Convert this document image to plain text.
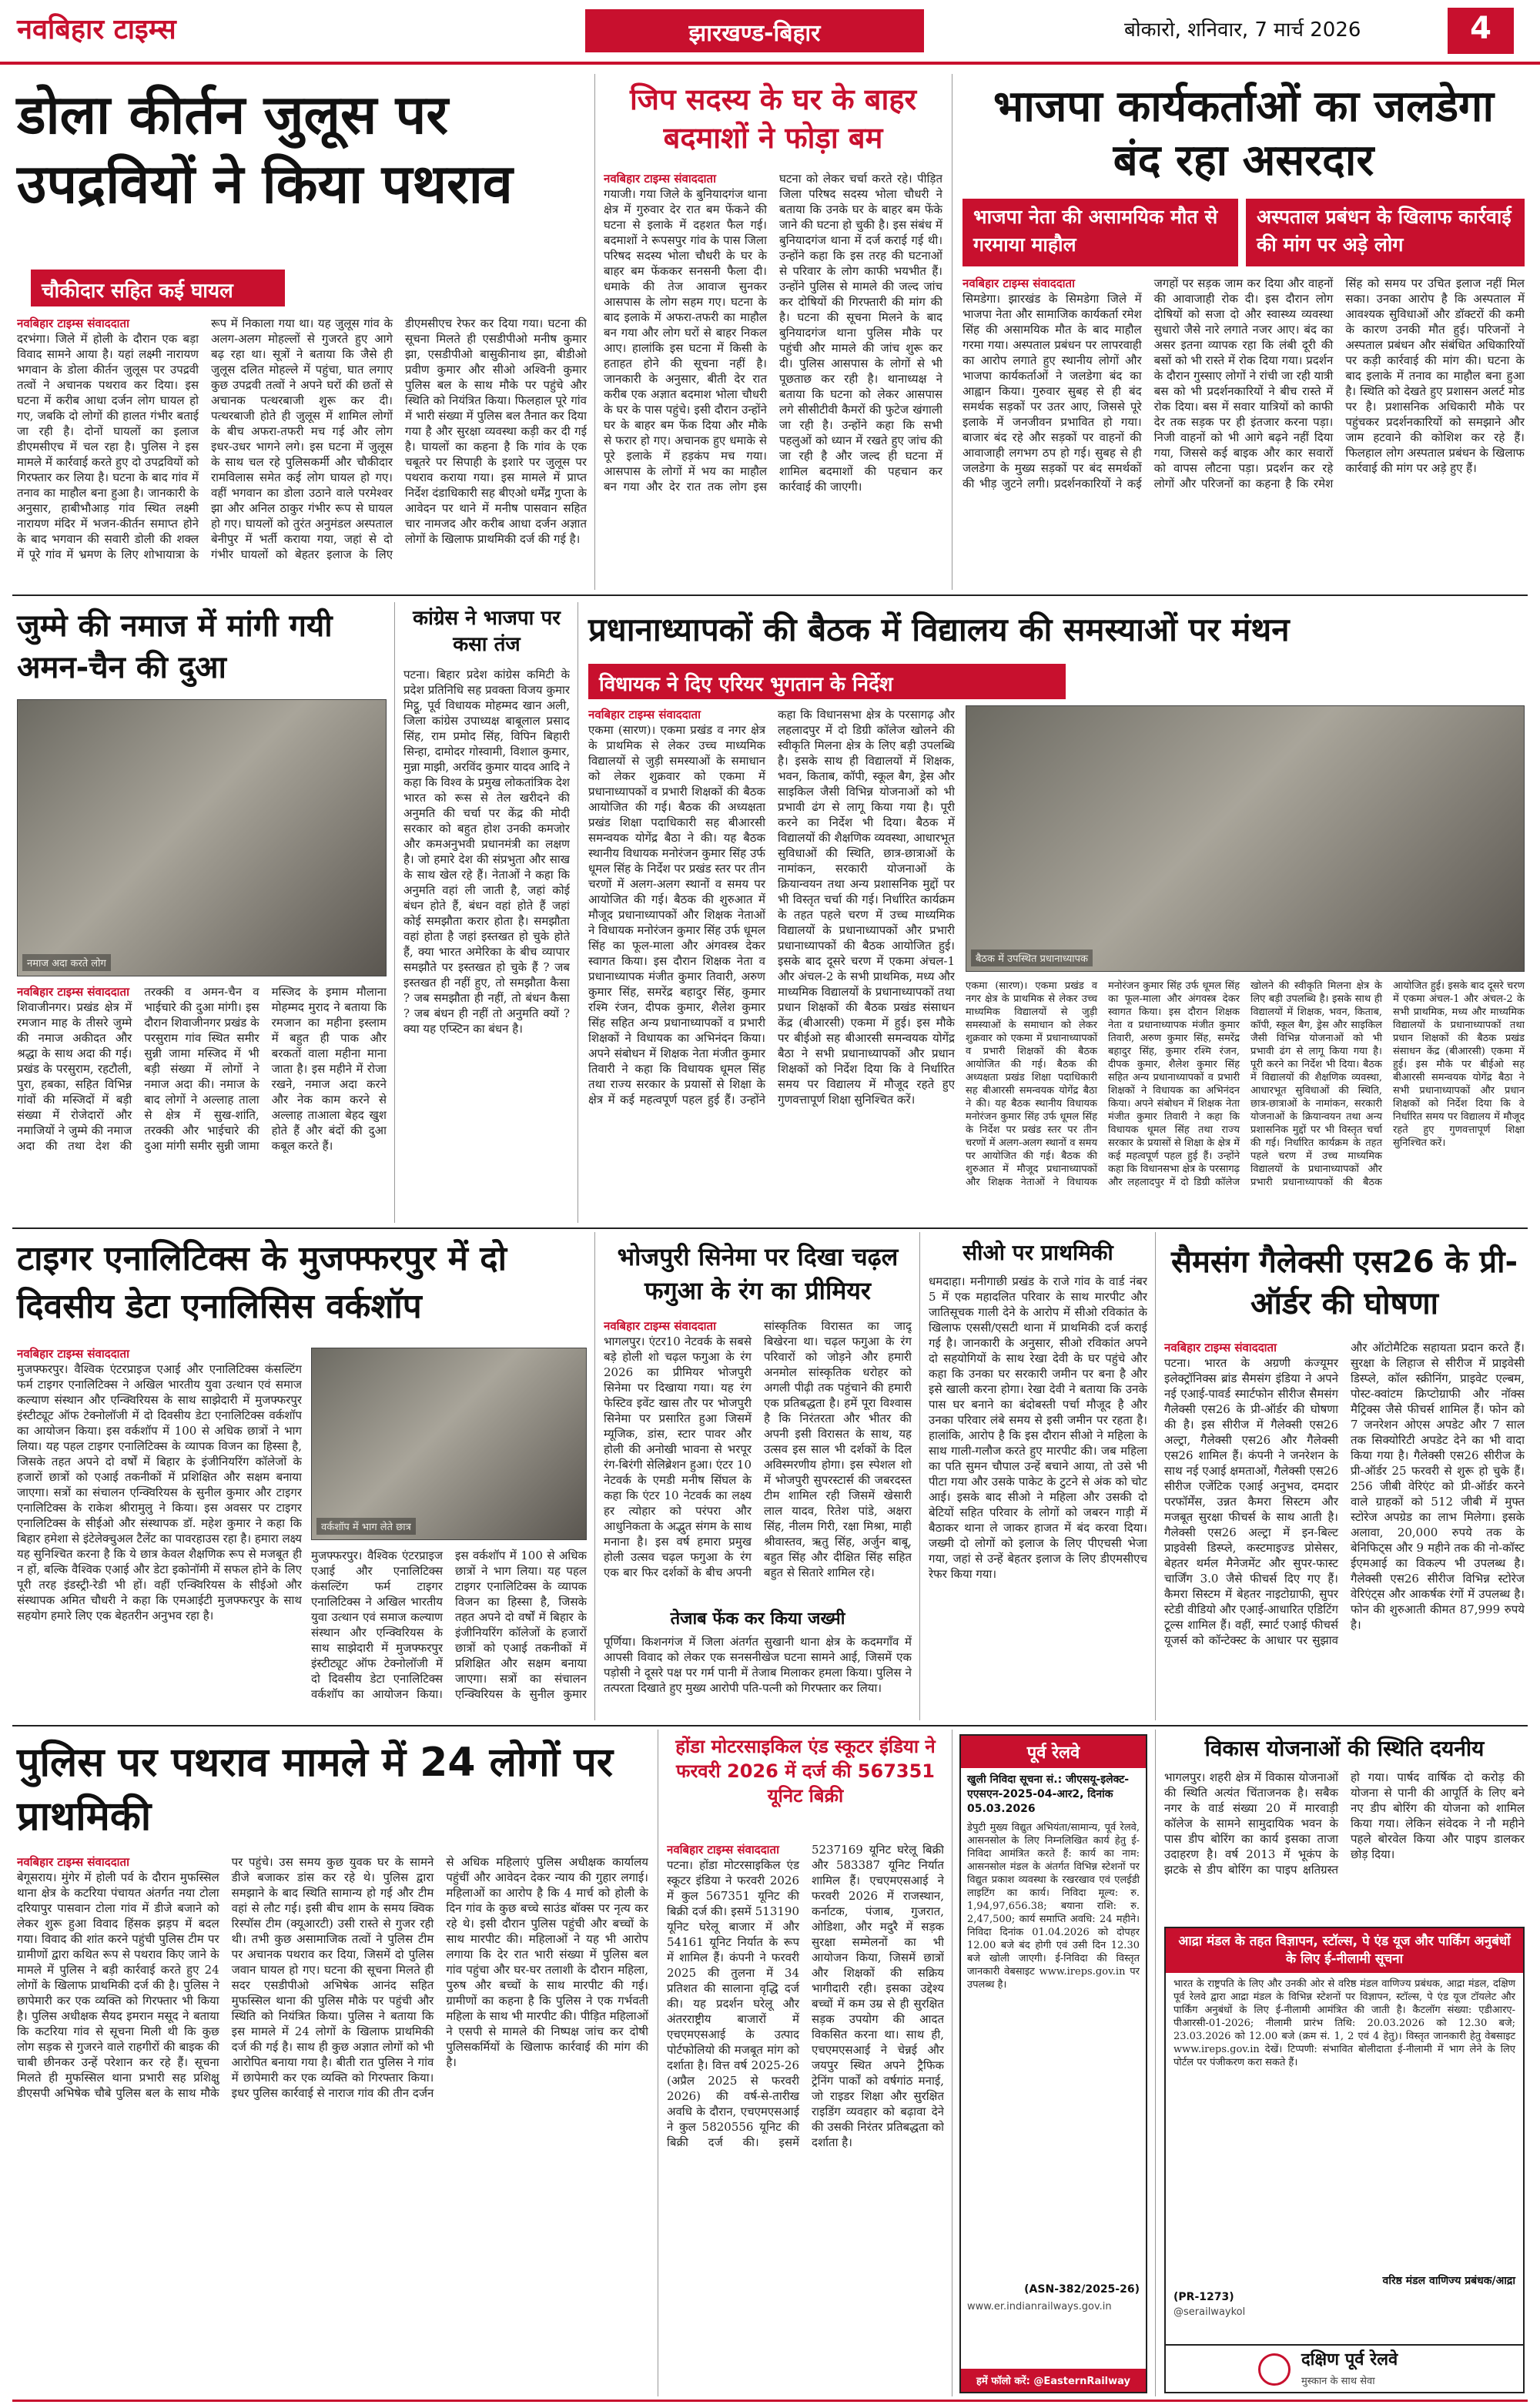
नवबिहार टाइम्स	झारखण्ड-बिहार	बोकारो, शनिवार, 7 मार्च 2026	4
डोला कीर्तन जुलूस पर उपद्रवियों ने किया पथराव
चौकीदार सहित कई घायल
नवबिहार टाइम्स संवाददाता
दरभंगा। जिले में होली के दौरान एक बड़ा विवाद सामने आया है। यहां लक्ष्मी नारायण भगवान के डोला कीर्तन जुलूस पर उपद्रवी तत्वों ने अचानक पथराव कर दिया। इस घटना में करीब आधा दर्जन लोग घायल हो गए, जबकि दो लोगों की हालत गंभीर बताई जा रही है। दोनों घायलों का इलाज डीएमसीएच में चल रहा है। पुलिस ने इस मामले में कार्रवाई करते हुए दो उपद्रवियों को गिरफ्तार कर लिया है। घटना के बाद गांव में तनाव का माहौल बना हुआ है। जानकारी के अनुसार, हाबीभौआड़ गांव स्थित लक्ष्मी नारायण मंदिर में भजन-कीर्तन समाप्त होने के बाद भगवान की सवारी डोली की शक्ल में पूरे गांव में भ्रमण के लिए शोभायात्रा के रूप में निकाला गया था। यह जुलूस गांव के अलग-अलग मोहल्लों से गुजरते हुए आगे बढ़ रहा था। सूत्रों ने बताया कि जैसे ही जुलूस दलित मोहल्ले में पहुंचा, घात लगाए कुछ उपद्रवी तत्वों ने अपने घरों की छतों से अचानक पत्थरबाजी शुरू कर दी। पत्थरबाजी होते ही जुलूस में शामिल लोगों के बीच अफरा-तफरी मच गई और लोग इधर-उधर भागने लगे। इस घटना में जुलूस के साथ चल रहे पुलिसकर्मी और चौकीदार रामविलास समेत कई लोग घायल हो गए। वहीं भगवान का डोला उठाने वाले परमेश्वर झा और अनिल ठाकुर गंभीर रूप से घायल हो गए। घायलों को तुरंत अनुमंडल अस्पताल बेनीपुर में भर्ती कराया गया, जहां से दो गंभीर घायलों को बेहतर इलाज के लिए डीएमसीएच रेफर कर दिया गया। घटना की सूचना मिलते ही एसडीपीओ मनीष कुमार झा, एसडीपीओ बासुकीनाथ झा, बीडीओ प्रवीण कुमार और सीओ अश्विनी कुमार पुलिस बल के साथ मौके पर पहुंचे और स्थिति को नियंत्रित किया। फिलहाल पूरे गांव में भारी संख्या में पुलिस बल तैनात कर दिया गया है और सुरक्षा व्यवस्था कड़ी कर दी गई है। घायलों का कहना है कि गांव के एक चबूतरे पर सिपाही के इशारे पर जुलूस पर पथराव कराया गया। इस मामले में प्राप्त निर्देश दंडाधिकारी सह बीएओ धर्मेंद्र गुप्ता के आवेदन पर थाने में मनीष पासवान सहित चार नामजद और करीब आधा दर्जन अज्ञात लोगों के खिलाफ प्राथमिकी दर्ज की गई है।
जिप सदस्य के घर के बाहर बदमाशों ने फोड़ा बम
नवबिहार टाइम्स संवाददाता
गयाजी। गया जिले के बुनियादगंज थाना क्षेत्र में गुरुवार देर रात बम फेंकने की घटना से इलाके में दहशत फैल गई। बदमाशों ने रूपसपुर गांव के पास जिला परिषद सदस्य भोला चौधरी के घर के बाहर बम फेंककर सनसनी फैला दी। धमाके की तेज आवाज सुनकर आसपास के लोग सहम गए। घटना के बाद इलाके में अफरा-तफरी का माहौल बन गया और लोग घरों से बाहर निकल आए। हालांकि इस घटना में किसी के हताहत होने की सूचना नहीं है। जानकारी के अनुसार, बीती देर रात करीब एक अज्ञात बदमाश भोला चौधरी के घर के पास पहुंचे। इसी दौरान उन्होंने घर के बाहर बम फेंक दिया और मौके से फरार हो गए। अचानक हुए धमाके से पूरे इलाके में हड़कंप मच गया। आसपास के लोगों में भय का माहौल बन गया और देर रात तक लोग इस घटना को लेकर चर्चा करते रहे। पीड़ित जिला परिषद सदस्य भोला चौधरी ने बताया कि उनके घर के बाहर बम फेंके जाने की घटना हो चुकी है। इस संबंध में बुनियादगंज थाना में दर्ज कराई गई थी। उन्होंने कहा कि इस तरह की घटनाओं से परिवार के लोग काफी भयभीत हैं। उन्होंने पुलिस से मामले की जल्द जांच कर दोषियों की गिरफ्तारी की मांग की है। घटना की सूचना मिलने के बाद बुनियादगंज थाना पुलिस मौके पर पहुंची और मामले की जांच शुरू कर दी। पुलिस आसपास के लोगों से भी पूछताछ कर रही है। थानाध्यक्ष ने बताया कि घटना को लेकर आसपास लगे सीसीटीवी कैमरों की फुटेज खंगाली जा रही है। उन्होंने कहा कि सभी पहलुओं को ध्यान में रखते हुए जांच की जा रही है और जल्द ही घटना में शामिल बदमाशों की पहचान कर कार्रवाई की जाएगी।
भाजपा कार्यकर्ताओं का जलडेगा बंद रहा असरदार
भाजपा नेता की असामयिक मौत से गरमाया माहौल
अस्पताल प्रबंधन के खिलाफ कार्रवाई की मांग पर अड़े लोग
नवबिहार टाइम्स संवाददाता
सिमडेगा। झारखंड के सिमडेगा जिले में भाजपा नेता और सामाजिक कार्यकर्ता रमेश सिंह की असामयिक मौत के बाद माहौल गरमा गया। अस्पताल प्रबंधन पर लापरवाही का आरोप लगाते हुए स्थानीय लोगों और भाजपा कार्यकर्ताओं ने जलडेगा बंद का आह्वान किया। गुरुवार सुबह से ही बंद समर्थक सड़कों पर उतर आए, जिससे पूरे इलाके में जनजीवन प्रभावित हो गया। बाजार बंद रहे और सड़कों पर वाहनों की आवाजाही लगभग ठप हो गई। सुबह से ही जलडेगा के मुख्य सड़कों पर बंद समर्थकों की भीड़ जुटने लगी। प्रदर्शनकारियों ने कई जगहों पर सड़क जाम कर दिया और वाहनों की आवाजाही रोक दी। इस दौरान लोग दोषियों को सजा दो और स्वास्थ्य व्यवस्था सुधारो जैसे नारे लगाते नजर आए। बंद का असर इतना व्यापक रहा कि लंबी दूरी की बसों को भी रास्ते में रोक दिया गया। प्रदर्शन के दौरान गुस्साए लोगों ने रांची जा रही यात्री बस को भी प्रदर्शनकारियों ने बीच रास्ते में रोक दिया। बस में सवार यात्रियों को काफी देर तक सड़क पर ही इंतजार करना पड़ा। निजी वाहनों को भी आगे बढ़ने नहीं दिया गया, जिससे कई बाइक और कार सवारों को वापस लौटना पड़ा। प्रदर्शन कर रहे लोगों और परिजनों का कहना है कि रमेश सिंह को समय पर उचित इलाज नहीं मिल सका। उनका आरोप है कि अस्पताल में आवश्यक सुविधाओं और डॉक्टरों की कमी के कारण उनकी मौत हुई। परिजनों ने अस्पताल प्रबंधन और संबंधित अधिकारियों पर कड़ी कार्रवाई की मांग की। घटना के बाद इलाके में तनाव का माहौल बना हुआ है। स्थिति को देखते हुए प्रशासन अलर्ट मोड पर है। प्रशासनिक अधिकारी मौके पर पहुंचकर प्रदर्शनकारियों को समझाने और जाम हटवाने की कोशिश कर रहे हैं। फिलहाल लोग अस्पताल प्रबंधन के खिलाफ कार्रवाई की मांग पर अड़े हुए हैं।
जुम्मे की नमाज में मांगी गयी अमन-चैन की दुआ
नमाज अदा करते लोग
नवबिहार टाइम्स संवाददाता
शिवाजीनगर। प्रखंड क्षेत्र में रमजान माह के तीसरे जुम्मे की नमाज अकीदत और श्रद्धा के साथ अदा की गई। प्रखंड के परसुराम, रहटौली, पुरा, हबका, सहित विभिन्न गांवों की मस्जिदों में बड़ी संख्या में रोजेदारों और नमाजियों ने जुम्मे की नमाज अदा की तथा देश की तरक्की व अमन-चैन व भाईचारे की दुआ मांगी। इस दौरान शिवाजीनगर प्रखंड के परसुराम गांव स्थित समीर सुन्नी जामा मस्जिद में भी बड़ी संख्या में लोगों ने नमाज अदा की। नमाज के बाद लोगों ने अल्लाह ताला से क्षेत्र में सुख-शांति, तरक्की और भाईचारे की दुआ मांगी समीर सुन्नी जामा मस्जिद के इमाम मौलाना मोहम्मद मुराद ने बताया कि रमजान का महीना इस्लाम में बहुत ही पाक और बरकतों वाला महीना माना जाता है। इस महीने में रोजा रखने, नमाज अदा करने और नेक काम करने से अल्लाह ताआला बेहद खुश होते हैं और बंदों की दुआ कबूल करते हैं।
कांग्रेस ने भाजपा पर कसा तंज
पटना। बिहार प्रदेश कांग्रेस कमिटी के प्रदेश प्रतिनिधि सह प्रवक्ता विजय कुमार मिट्ठू, पूर्व विधायक मोहम्मद खान अली, जिला कांग्रेस उपाध्यक्ष बाबूलाल प्रसाद सिंह, राम प्रमोद सिंह, विपिन बिहारी सिन्हा, दामोदर गोस्वामी, विशाल कुमार, मुन्ना माझी, अरविंद कुमार यादव आदि ने कहा कि विश्व के प्रमुख लोकतांत्रिक देश भारत को रूस से तेल खरीदने की अनुमति की चर्चा पर केंद्र की मोदी सरकार को बहुत होश उनकी कमजोर और कमअनुभवी प्रधानमंत्री का लक्षण है। जो हमारे देश की संप्रभुता और साख के साथ खेल रहे हैं। नेताओं ने कहा कि अनुमति वहां ली जाती है, जहां कोई बंधन होते हैं, बंधन वहां होते हैं जहां कोई समझौता करार होता है। समझौता वहां होता है जहां इस्तखत हो चुके होते हैं, क्या भारत अमेरिका के बीच व्यापार समझौते पर इस्तखत हो चुके हैं ? जब इस्तखत ही नहीं हुए, तो समझौता कैसा ? जब समझौता ही नहीं, तो बंधन कैसा ? जब बंधन ही नहीं तो अनुमति क्यों ? क्या यह एप्स्टिन का बंधन है।
प्रधानाध्यापकों की बैठक में विद्यालय की समस्याओं पर मंथन
विधायक ने दिए एरियर भुगतान के निर्देश
बैठक में उपस्थित प्रधानाध्यापक
नवबिहार टाइम्स संवाददाता
एकमा (सारण)। एकमा प्रखंड व नगर क्षेत्र के प्राथमिक से लेकर उच्च माध्यमिक विद्यालयों से जुड़ी समस्याओं के समाधान को लेकर शुक्रवार को एकमा में प्रधानाध्यापकों व प्रभारी शिक्षकों की बैठक आयोजित की गई। बैठक की अध्यक्षता प्रखंड शिक्षा पदाधिकारी सह बीआरसी समन्वयक योगेंद्र बैठा ने की। यह बैठक स्थानीय विधायक मनोरंजन कुमार सिंह उर्फ धूमल सिंह के निर्देश पर प्रखंड स्तर पर तीन चरणों में अलग-अलग स्थानों व समय पर आयोजित की गई। बैठक की शुरुआत में मौजूद प्रधानाध्यापकों और शिक्षक नेताओं ने विधायक मनोरंजन कुमार सिंह उर्फ धूमल सिंह का फूल-माला और अंगवस्त्र देकर स्वागत किया। इस दौरान शिक्षक नेता व प्रधानाध्यापक मंजीत कुमार तिवारी, अरुण कुमार सिंह, समरेंद्र बहादुर सिंह, कुमार रश्मि रंजन, दीपक कुमार, शैलेश कुमार सिंह सहित अन्य प्रधानाध्यापकों व प्रभारी शिक्षकों ने विधायक का अभिनंदन किया। अपने संबोधन में शिक्षक नेता मंजीत कुमार तिवारी ने कहा कि विधायक धूमल सिंह तथा राज्य सरकार के प्रयासों से शिक्षा के क्षेत्र में कई महत्वपूर्ण पहल हुई हैं। उन्होंने कहा कि विधानसभा क्षेत्र के परसागढ़ और लहलादपुर में दो डिग्री कॉलेज खोलने की स्वीकृति मिलना क्षेत्र के लिए बड़ी उपलब्धि है। इसके साथ ही विद्यालयों में शिक्षक, भवन, किताब, कॉपी, स्कूल बैग, ड्रेस और साइकिल जैसी विभिन्न योजनाओं को भी प्रभावी ढंग से लागू किया गया है। पूरी करने का निर्देश भी दिया। बैठक में विद्यालयों की शैक्षणिक व्यवस्था, आधारभूत सुविधाओं की स्थिति, छात्र-छात्राओं के नामांकन, सरकारी योजनाओं के क्रियान्वयन तथा अन्य प्रशासनिक मुद्दों पर भी विस्तृत चर्चा की गई। निर्धारित कार्यक्रम के तहत पहले चरण में उच्च माध्यमिक विद्यालयों के प्रधानाध्यापकों और प्रभारी प्रधानाध्यापकों की बैठक आयोजित हुई। इसके बाद दूसरे चरण में एकमा अंचल-1 और अंचल-2 के सभी प्राथमिक, मध्य और माध्यमिक विद्यालयों के प्रधानाध्यापकों तथा प्रधान शिक्षकों की बैठक प्रखंड संसाधन केंद्र (बीआरसी) एकमा में हुई। इस मौके पर बीईओ सह बीआरसी समन्वयक योगेंद्र बैठा ने सभी प्रधानाध्यापकों और प्रधान शिक्षकों को निर्देश दिया कि वे निर्धारित समय पर विद्यालय में मौजूद रहते हुए गुणवत्तापूर्ण शिक्षा सुनिश्चित करें।
एकमा (सारण)। एकमा प्रखंड व नगर क्षेत्र के प्राथमिक से लेकर उच्च माध्यमिक विद्यालयों से जुड़ी समस्याओं के समाधान को लेकर शुक्रवार को एकमा में प्रधानाध्यापकों व प्रभारी शिक्षकों की बैठक आयोजित की गई। बैठक की अध्यक्षता प्रखंड शिक्षा पदाधिकारी सह बीआरसी समन्वयक योगेंद्र बैठा ने की। यह बैठक स्थानीय विधायक मनोरंजन कुमार सिंह उर्फ धूमल सिंह के निर्देश पर प्रखंड स्तर पर तीन चरणों में अलग-अलग स्थानों व समय पर आयोजित की गई। बैठक की शुरुआत में मौजूद प्रधानाध्यापकों और शिक्षक नेताओं ने विधायक मनोरंजन कुमार सिंह उर्फ धूमल सिंह का फूल-माला और अंगवस्त्र देकर स्वागत किया। इस दौरान शिक्षक नेता व प्रधानाध्यापक मंजीत कुमार तिवारी, अरुण कुमार सिंह, समरेंद्र बहादुर सिंह, कुमार रश्मि रंजन, दीपक कुमार, शैलेश कुमार सिंह सहित अन्य प्रधानाध्यापकों व प्रभारी शिक्षकों ने विधायक का अभिनंदन किया। अपने संबोधन में शिक्षक नेता मंजीत कुमार तिवारी ने कहा कि विधायक धूमल सिंह तथा राज्य सरकार के प्रयासों से शिक्षा के क्षेत्र में कई महत्वपूर्ण पहल हुई हैं। उन्होंने कहा कि विधानसभा क्षेत्र के परसागढ़ और लहलादपुर में दो डिग्री कॉलेज खोलने की स्वीकृति मिलना क्षेत्र के लिए बड़ी उपलब्धि है। इसके साथ ही विद्यालयों में शिक्षक, भवन, किताब, कॉपी, स्कूल बैग, ड्रेस और साइकिल जैसी विभिन्न योजनाओं को भी प्रभावी ढंग से लागू किया गया है। पूरी करने का निर्देश भी दिया। बैठक में विद्यालयों की शैक्षणिक व्यवस्था, आधारभूत सुविधाओं की स्थिति, छात्र-छात्राओं के नामांकन, सरकारी योजनाओं के क्रियान्वयन तथा अन्य प्रशासनिक मुद्दों पर भी विस्तृत चर्चा की गई। निर्धारित कार्यक्रम के तहत पहले चरण में उच्च माध्यमिक विद्यालयों के प्रधानाध्यापकों और प्रभारी प्रधानाध्यापकों की बैठक आयोजित हुई। इसके बाद दूसरे चरण में एकमा अंचल-1 और अंचल-2 के सभी प्राथमिक, मध्य और माध्यमिक विद्यालयों के प्रधानाध्यापकों तथा प्रधान शिक्षकों की बैठक प्रखंड संसाधन केंद्र (बीआरसी) एकमा में हुई। इस मौके पर बीईओ सह बीआरसी समन्वयक योगेंद्र बैठा ने सभी प्रधानाध्यापकों और प्रधान शिक्षकों को निर्देश दिया कि वे निर्धारित समय पर विद्यालय में मौजूद रहते हुए गुणवत्तापूर्ण शिक्षा सुनिश्चित करें।
टाइगर एनालिटिक्स के मुजफ्फरपुर में दो दिवसीय डेटा एनालिसिस वर्कशॉप
वर्कशॉप में भाग लेते छात्र
नवबिहार टाइम्स संवाददाता
मुजफ्फरपुर। वैश्विक एंटरप्राइज एआई और एनालिटिक्स कंसल्टिंग फर्म टाइगर एनालिटिक्स ने अखिल भारतीय युवा उत्थान एवं समाज कल्याण संस्थान और एन्क्विरियस के साथ साझेदारी में मुजफ्फरपुर इंस्टीट्यूट ऑफ टेक्नोलॉजी में दो दिवसीय डेटा एनालिटिक्स वर्कशॉप का आयोजन किया। इस वर्कशॉप में 100 से अधिक छात्रों ने भाग लिया। यह पहल टाइगर एनालिटिक्स के व्यापक विजन का हिस्सा है, जिसके तहत अपने दो वर्षों में बिहार के इंजीनियरिंग कॉलेजों के हजारों छात्रों को एआई तकनीकों में प्रशिक्षित और सक्षम बनाया जाएगा। सत्रों का संचालन एन्क्विरियस के सुनील कुमार और टाइगर एनालिटिक्स के राकेश श्रीरामुलु ने किया। इस अवसर पर टाइगर एनालिटिक्स के सीईओ और संस्थापक डॉ. महेश कुमार ने कहा कि बिहार हमेशा से इंटेलेक्चुअल टैलेंट का पावरहाउस रहा है। हमारा लक्ष्य यह सुनिश्चित करना है कि ये छात्र केवल शैक्षणिक रूप से मजबूत ही न हों, बल्कि वैश्विक एआई और डेटा इकोनॉमी में सफल होने के लिए पूरी तरह इंडस्ट्री-रेडी भी हों। वहीं एन्क्विरियस के सीईओ और संस्थापक अमित चौधरी ने कहा कि एमआईटी मुजफ्फरपुर के साथ सहयोग हमारे लिए एक बेहतरीन अनुभव रहा है।
मुजफ्फरपुर। वैश्विक एंटरप्राइज एआई और एनालिटिक्स कंसल्टिंग फर्म टाइगर एनालिटिक्स ने अखिल भारतीय युवा उत्थान एवं समाज कल्याण संस्थान और एन्क्विरियस के साथ साझेदारी में मुजफ्फरपुर इंस्टीट्यूट ऑफ टेक्नोलॉजी में दो दिवसीय डेटा एनालिटिक्स वर्कशॉप का आयोजन किया। इस वर्कशॉप में 100 से अधिक छात्रों ने भाग लिया। यह पहल टाइगर एनालिटिक्स के व्यापक विजन का हिस्सा है, जिसके तहत अपने दो वर्षों में बिहार के इंजीनियरिंग कॉलेजों के हजारों छात्रों को एआई तकनीकों में प्रशिक्षित और सक्षम बनाया जाएगा। सत्रों का संचालन एन्क्विरियस के सुनील कुमार
भोजपुरी सिनेमा पर दिखा चढ़ल फगुआ के रंग का प्रीमियर
नवबिहार टाइम्स संवाददाता
भागलपुर। एंटर10 नेटवर्क के सबसे बड़े होली शो चढ़ल फगुआ के रंग 2026 का प्रीमियर भोजपुरी सिनेमा पर दिखाया गया। यह रंग फेस्टिव इवेंट खास तौर पर भोजपुरी सिनेमा पर प्रसारित हुआ जिसमें म्यूजिक, डांस, स्टार पावर और होली की अनोखी भावना से भरपूर रंग-बिरंगी सेलिब्रेशन हुआ। एंटर 10 नेटवर्क के एमडी मनीष सिंघल के कहा कि एंटर 10 नेटवर्क का लक्ष्य हर त्योहार को परंपरा और आधुनिकता के अद्भुत संगम के साथ मनाना है। इस वर्ष हमारा प्रमुख होली उत्सव चढ़ल फगुआ के रंग एक बार फिर दर्शकों के बीच अपनी सांस्कृतिक विरासत का जादू बिखेरना था। चढ़ल फगुआ के रंग परिवारों को जोड़ने और हमारी अनमोल सांस्कृतिक धरोहर को अगली पीढ़ी तक पहुंचाने की हमारी एक प्रतिबद्धता है। हमें पूरा विश्वास है कि निरंतरता और भीतर की अपनी इसी विरासत के साथ, यह उत्सव इस साल भी दर्शकों के दिल अविस्मरणीय होगा। इस स्पेशल शो में भोजपुरी सुपरस्टार्स की जबरदस्त टीम शामिल रही जिसमें खेसारी लाल यादव, रितेश पांडे, अक्षरा सिंह, नीलम गिरी, रक्षा मिश्रा, माही श्रीवास्तव, ऋतु सिंह, अर्जुन बाबू, बहुत सिंह और दीक्षित सिंह सहित बहुत से सितारे शामिल रहे।
तेजाब फेंक कर किया जख्मी
पूर्णिया। किशनगंज में जिला अंतर्गत सुखानी थाना क्षेत्र के कदमगाँव में आपसी विवाद को लेकर एक सनसनीखेज घटना सामने आई, जिसमें एक पड़ोसी ने दूसरे पक्ष पर गर्म पानी में तेजाब मिलाकर हमला किया। पुलिस ने तत्परता दिखाते हुए मुख्य आरोपी पति-पत्नी को गिरफ्तार कर लिया।
सीओ पर प्राथमिकी
धमदाहा। मनीगाछी प्रखंड के राजे गांव के वार्ड नंबर 5 में एक महादलित परिवार के साथ मारपीट और जातिसूचक गाली देने के आरोप में सीओ रविकांत के खिलाफ एससी/एसटी थाना में प्राथमिकी दर्ज कराई गई है। जानकारी के अनुसार, सीओ रविकांत अपने दो सहयोगियों के साथ रेखा देवी के घर पहुंचे और कहा कि उनका घर सरकारी जमीन पर बना है और इसे खाली करना होगा। रेखा देवी ने बताया कि उनके पास घर बनाने का बंदोबस्ती पर्चा मौजूद है और उनका परिवार लंबे समय से इसी जमीन पर रहता है। हालांकि, आरोप है कि इस दौरान सीओ ने महिला के साथ गाली-गलौज करते हुए मारपीट की। जब महिला का पति सुमन चौपाल उन्हें बचाने आया, तो उसे भी पीटा गया और उसके पाकेट के टुटने से अंक को चोट आई। इसके बाद सीओ ने महिला और उसकी दो बेटियों सहित परिवार के लोगों को जबरन गाड़ी में बैठाकर थाना ले जाकर हाजत में बंद करवा दिया। जख्मी दो लोगों को इलाज के लिए पीएचसी भेजा गया, जहां से उन्हें बेहतर इलाज के लिए डीएमसीएच रेफर किया गया।
सैमसंग गैलेक्सी एस26 के प्री-ऑर्डर की घोषणा
नवबिहार टाइम्स संवाददाता
पटना। भारत के अग्रणी कंज्यूमर इलेक्ट्रॉनिक्स ब्रांड सैमसंग इंडिया ने अपने नई एआई-पावर्ड स्मार्टफोन सीरीज सैमसंग गैलेक्सी एस26 के प्री-ऑर्डर की घोषणा की है। इस सीरीज में गैलेक्सी एस26 अल्ट्रा, गैलेक्सी एस26 और गैलेक्सी एस26 शामिल हैं। कंपनी ने जनरेशन के साथ नई एआई क्षमताओं, गैलेक्सी एस26 सीरीज एजेंटिक एआई अनुभव, दमदार परफॉर्मेंस, उन्नत कैमरा सिस्टम और मजबूत सुरक्षा फीचर्स के साथ आती है। गैलेक्सी एस26 अल्ट्रा में इन-बिल्ट प्राइवेसी डिस्प्ले, कस्टमाइज्ड प्रोसेसर, बेहतर थर्मल मैनेजमेंट और सुपर-फास्ट चार्जिंग 3.0 जैसे फीचर्स दिए गए हैं। कैमरा सिस्टम में बेहतर नाइटोग्राफी, सुपर स्टेडी वीडियो और एआई-आधारित एडिटिंग टूल्स शामिल हैं। वहीं, स्मार्ट एआई फीचर्स यूजर्स को कॉन्टेक्स्ट के आधार पर सुझाव और ऑटोमैटिक सहायता प्रदान करते हैं। सुरक्षा के लिहाज से सीरीज में प्राइवेसी डिस्प्ले, कॉल स्क्रीनिंग, प्राइवेट एल्बम, पोस्ट-क्वांटम क्रिप्टोग्राफी और नॉक्स मैट्रिक्स जैसे फीचर्स शामिल हैं। फोन को 7 जनरेशन ओएस अपडेट और 7 साल तक सिक्योरिटी अपडेट देने का भी वादा किया गया है। गैलेक्सी एस26 सीरीज के प्री-ऑर्डर 25 फरवरी से शुरू हो चुके हैं। 256 जीबी वेरिएंट को प्री-ऑर्डर करने वाले ग्राहकों को 512 जीबी में मुफ्त स्टोरेज अपग्रेड का लाभ मिलेगा। इसके अलावा, 20,000 रुपये तक के बेनिफिट्स और 9 महीने तक की नो-कॉस्ट ईएमआई का विकल्प भी उपलब्ध है। गैलेक्सी एस26 सीरीज विभिन्न स्टोरेज वेरिएंट्स और आकर्षक रंगों में उपलब्ध है। फोन की शुरुआती कीमत 87,999 रुपये है।
पुलिस पर पथराव मामले में 24 लोगों पर प्राथमिकी
नवबिहार टाइम्स संवाददाता
बेगूसराय। मुंगेर में होली पर्व के दौरान मुफस्सिल थाना क्षेत्र के कटरिया पंचायत अंतर्गत नया टोला दरियापुर पासवान टोला गांव में डीजे बजाने को लेकर शुरू हुआ विवाद हिंसक झड़प में बदल गया। विवाद की शांत करने पहुंची पुलिस टीम पर ग्रामीणों द्वारा कथित रूप से पथराव किए जाने के मामले में पुलिस ने बड़ी कार्रवाई करते हुए 24 लोगों के खिलाफ प्राथमिकी दर्ज की है। पुलिस ने छापेमारी कर एक व्यक्ति को गिरफ्तार भी किया है। पुलिस अधीक्षक सैयद इमरान मसूद ने बताया कि कटरिया गांव से सूचना मिली थी कि कुछ लोग सड़क से गुजरने वाले राहगीरों की बाइक की चाबी छीनकर उन्हें परेशान कर रहे हैं। सूचना मिलते ही मुफस्सिल थाना प्रभारी सह प्रशिक्षु डीएसपी अभिषेक चौबे पुलिस बल के साथ मौके पर पहुंचे। उस समय कुछ युवक घर के सामने डीजे बजाकर डांस कर रहे थे। पुलिस द्वारा समझाने के बाद स्थिति सामान्य हो गई और टीम वहां से लौट गई। इसी बीच शाम के समय क्विक रिस्पॉस टीम (क्यूआरटी) उसी रास्ते से गुजर रही थी। तभी कुछ असामाजिक तत्वों ने पुलिस टीम पर अचानक पथराव कर दिया, जिसमें दो पुलिस जवान घायल हो गए। घटना की सूचना मिलते ही सदर एसडीपीओ अभिषेक आनंद सहित मुफस्सिल थाना की पुलिस मौके पर पहुंची और स्थिति को नियंत्रित किया। पुलिस ने बताया कि इस मामले में 24 लोगों के खिलाफ प्राथमिकी दर्ज की गई है। साथ ही कुछ अज्ञात लोगों को भी आरोपित बनाया गया है। बीती रात पुलिस ने गांव में छापेमारी कर एक व्यक्ति को गिरफ्तार किया। इधर पुलिस कार्रवाई से नाराज गांव की तीन दर्जन से अधिक महिलाएं पुलिस अधीक्षक कार्यालय पहुंचीं और आवेदन देकर न्याय की गुहार लगाई। महिलाओं का आरोप है कि 4 मार्च को होली के दिन गांव के कुछ बच्चे साउंड बॉक्स पर नृत्य कर रहे थे। इसी दौरान पुलिस पहुंची और बच्चों के साथ मारपीट की। महिलाओं ने यह भी आरोप लगाया कि देर रात भारी संख्या में पुलिस बल गांव पहुंचा और घर-घर तलाशी के दौरान महिला, पुरुष और बच्चों के साथ मारपीट की गई। ग्रामीणों का कहना है कि पुलिस ने एक गर्भवती महिला के साथ भी मारपीट की। पीड़ित महिलाओं ने एसपी से मामले की निष्पक्ष जांच कर दोषी पुलिसकर्मियों के खिलाफ कार्रवाई की मांग की है।
होंडा मोटरसाइकिल एंड स्कूटर इंडिया ने फरवरी 2026 में दर्ज की 567351 यूनिट बिक्री
नवबिहार टाइम्स संवाददाता
पटना। होंडा मोटरसाइकिल एंड स्कूटर इंडिया ने फरवरी 2026 में कुल 567351 यूनिट की बिक्री दर्ज की। इसमें 513190 यूनिट घरेलू बाजार में और 54161 यूनिट निर्यात के रूप में शामिल हैं। कंपनी ने फरवरी 2025 की तुलना में 34 प्रतिशत की सालाना वृद्धि दर्ज की। यह प्रदर्शन घरेलू और अंतरराष्ट्रीय बाजारों में एचएमएसआई के उत्पाद पोर्टफोलियो की मजबूत मांग को दर्शाता है। वित्त वर्ष 2025-26 (अप्रैल 2025 से फरवरी 2026) की वर्ष-से-तारीख अवधि के दौरान, एचएमएसआई ने कुल 5820556 यूनिट की बिक्री दर्ज की। इसमें 5237169 यूनिट घरेलू बिक्री और 583387 यूनिट निर्यात शामिल हैं। एचएमएसआई ने फरवरी 2026 में राजस्थान, कर्नाटक, पंजाब, गुजरात, ओडिशा, और मदुरै में सड़क सुरक्षा सम्मेलनों का भी आयोजन किया, जिसमें छात्रों और शिक्षकों की सक्रिय भागीदारी रही। इसका उद्देश्य बच्चों में कम उम्र से ही सुरक्षित सड़क उपयोग की आदत विकसित करना था। साथ ही, एचएमएसआई ने चेन्नई और जयपुर स्थित अपने ट्रैफिक ट्रेनिंग पार्कों को वर्षगांठ मनाई, जो राइडर शिक्षा और सुरक्षित राइडिंग व्यवहार को बढ़ावा देने की उसकी निरंतर प्रतिबद्धता को दर्शाता है।
पूर्व रेलवे
खुली निविदा सूचना सं.: जीएसयू-इलेक्ट-एएसएन-2025-04-आर2, दिनांक 05.03.2026
डेपुटी मुख्य विद्युत अभियंता/सामान्य, पूर्व रेलवे, आसनसोल के लिए निम्नलिखित कार्य हेतु ई-निविदा आमंत्रित करते हैं: कार्य का नाम: आसनसोल मंडल के अंतर्गत विभिन्न स्टेशनों पर विद्युत प्रकाश व्यवस्था के रखरखाव एवं एलईडी लाइटिंग का कार्य। निविदा मूल्य: रु. 1,94,97,656.38; बयाना राशि: रु. 2,47,500; कार्य समाप्ति अवधि: 24 महीने। निविदा दिनांक 01.04.2026 को दोपहर 12.00 बजे बंद होगी एवं उसी दिन 12.30 बजे खोली जाएगी। ई-निविदा की विस्तृत जानकारी वेबसाइट www.ireps.gov.in पर उपलब्ध है।
(ASN-382/2025-26)
www.er.indianrailways.gov.in
हमें फॉलो करें: @EasternRailway
विकास योजनाओं की स्थिति दयनीय
भागलपुर। शहरी क्षेत्र में विकास योजनाओं की स्थिति अत्यंत चिंताजनक है। सबैक नगर के वार्ड संख्या 20 में मारवाड़ी कॉलेज के सामने सामुदायिक भवन के पास डीप बोरिंग का कार्य इसका ताजा उदाहरण है। वर्ष 2013 में भूकंप के झटके से डीप बोरिंग का पाइप क्षतिग्रस्त हो गया। पार्षद वार्षिक दो करोड़ की योजना से पानी की आपूर्ति के लिए बने नए डीप बोरिंग की योजना को शामिल किया गया। लेकिन संवेदक ने नौ महीने पहले बोरवेल किया और पाइप डालकर छोड़ दिया।
आद्रा मंडल के तहत विज्ञापन, स्टॉल्स, पे एंड यूज और पार्किंग अनुबंधों के लिए ई-नीलामी सूचना
भारत के राष्ट्रपति के लिए और उनकी ओर से वरिष्ठ मंडल वाणिज्य प्रबंधक, आद्रा मंडल, दक्षिण पूर्व रेलवे द्वारा आद्रा मंडल के विभिन्न स्टेशनों पर विज्ञापन, स्टॉल्स, पे एंड यूज टॉयलेट और पार्किंग अनुबंधों के लिए ई-नीलामी आमंत्रित की जाती है। कैटलॉग संख्या: एडीआरए-पीआरसी-01-2026; नीलामी प्रारंभ तिथि: 20.03.2026 को 12.30 बजे; 23.03.2026 को 12.00 बजे (क्रम सं. 1, 2 एवं 4 हेतु)। विस्तृत जानकारी हेतु वेबसाइट www.ireps.gov.in देखें। टिप्पणी: संभावित बोलीदाता ई-नीलामी में भाग लेने के लिए पोर्टल पर पंजीकरण करा सकते हैं।
वरिष्ठ मंडल वाणिज्य प्रबंधक/आद्रा
(PR-1273)
@serailwaykol
दक्षिण पूर्व रेलवे
मुस्कान के साथ सेवा
